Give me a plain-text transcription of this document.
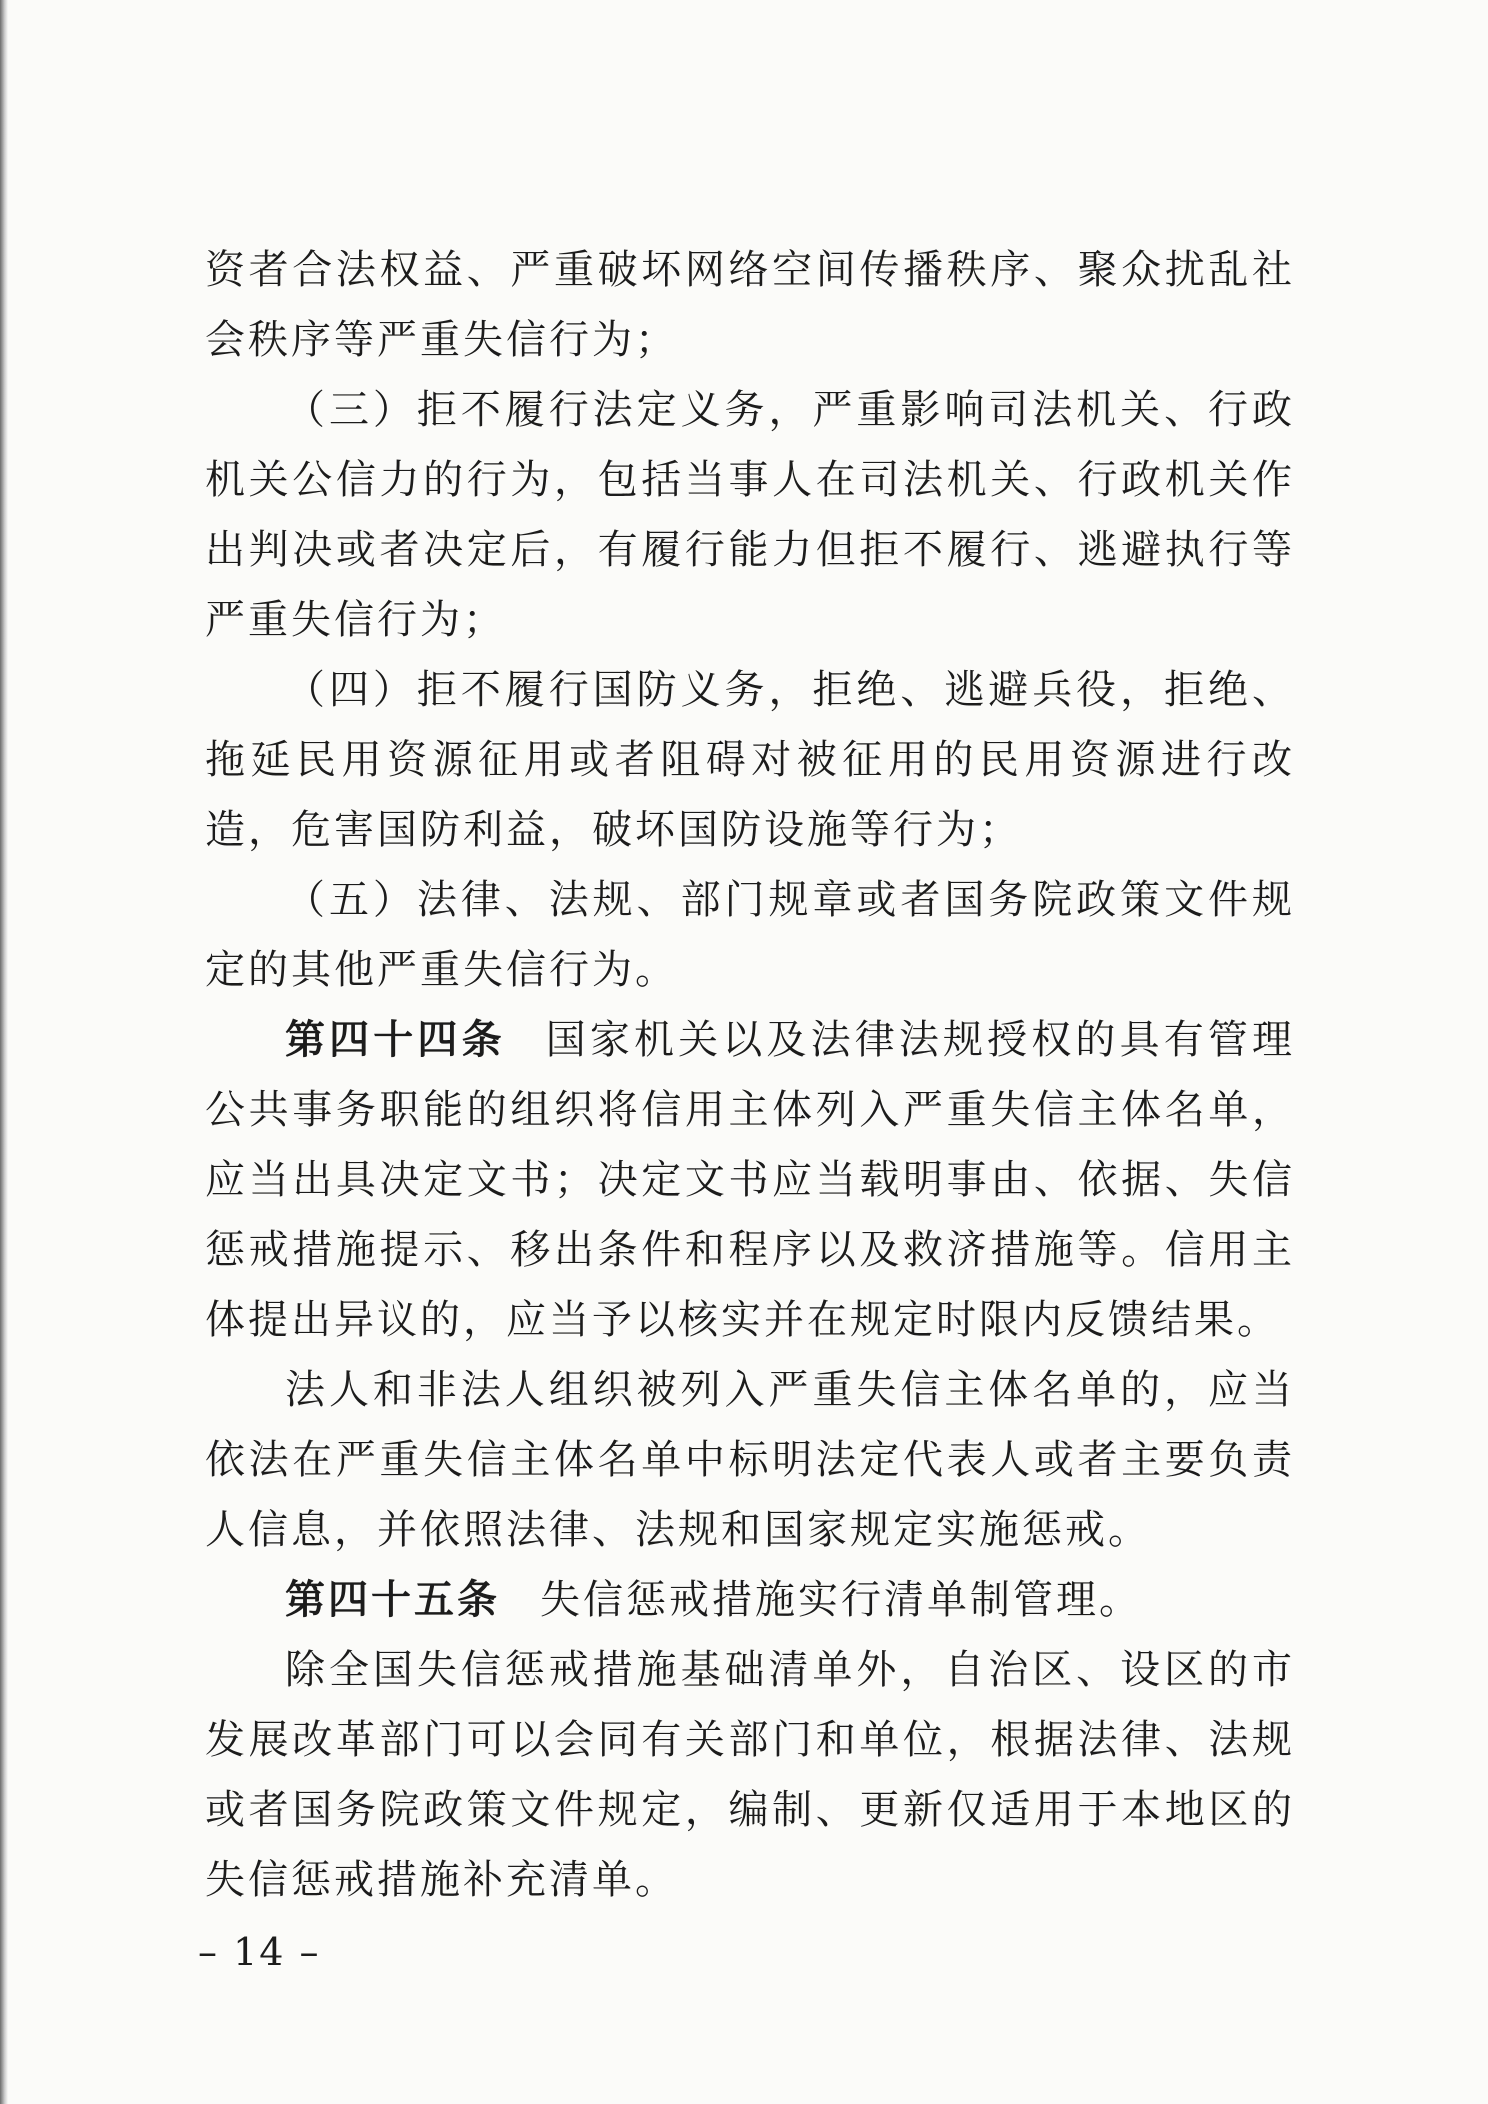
资者合法权益、严重破坏网络空间传播秩序、聚众扰乱社会秩序等严重失信行为；

（三）拒不履行法定义务，严重影响司法机关、行政机关公信力的行为，包括当事人在司法机关、行政机关作出判决或者决定后，有履行能力但拒不履行、逃避执行等严重失信行为；

（四）拒不履行国防义务，拒绝、逃避兵役，拒绝、拖延民用资源征用或者阻碍对被征用的民用资源进行改造，危害国防利益，破坏国防设施等行为；

（五）法律、法规、部门规章或者国务院政策文件规定的其他严重失信行为。

第四十四条 国家机关以及法律法规授权的具有管理公共事务职能的组织将信用主体列入严重失信主体名单，应当出具决定文书；决定文书应当载明事由、依据、失信惩戒措施提示、移出条件和程序以及救济措施等。信用主体提出异议的，应当予以核实并在规定时限内反馈结果。

法人和非法人组织被列入严重失信主体名单的，应当依法在严重失信主体名单中标明法定代表人或者主要负责人信息，并依照法律、法规和国家规定实施惩戒。

第四十五条 失信惩戒措施实行清单制管理。

除全国失信惩戒措施基础清单外，自治区、设区的市发展改革部门可以会同有关部门和单位，根据法律、法规或者国务院政策文件规定，编制、更新仅适用于本地区的失信惩戒措施补充清单。

– 14 –
